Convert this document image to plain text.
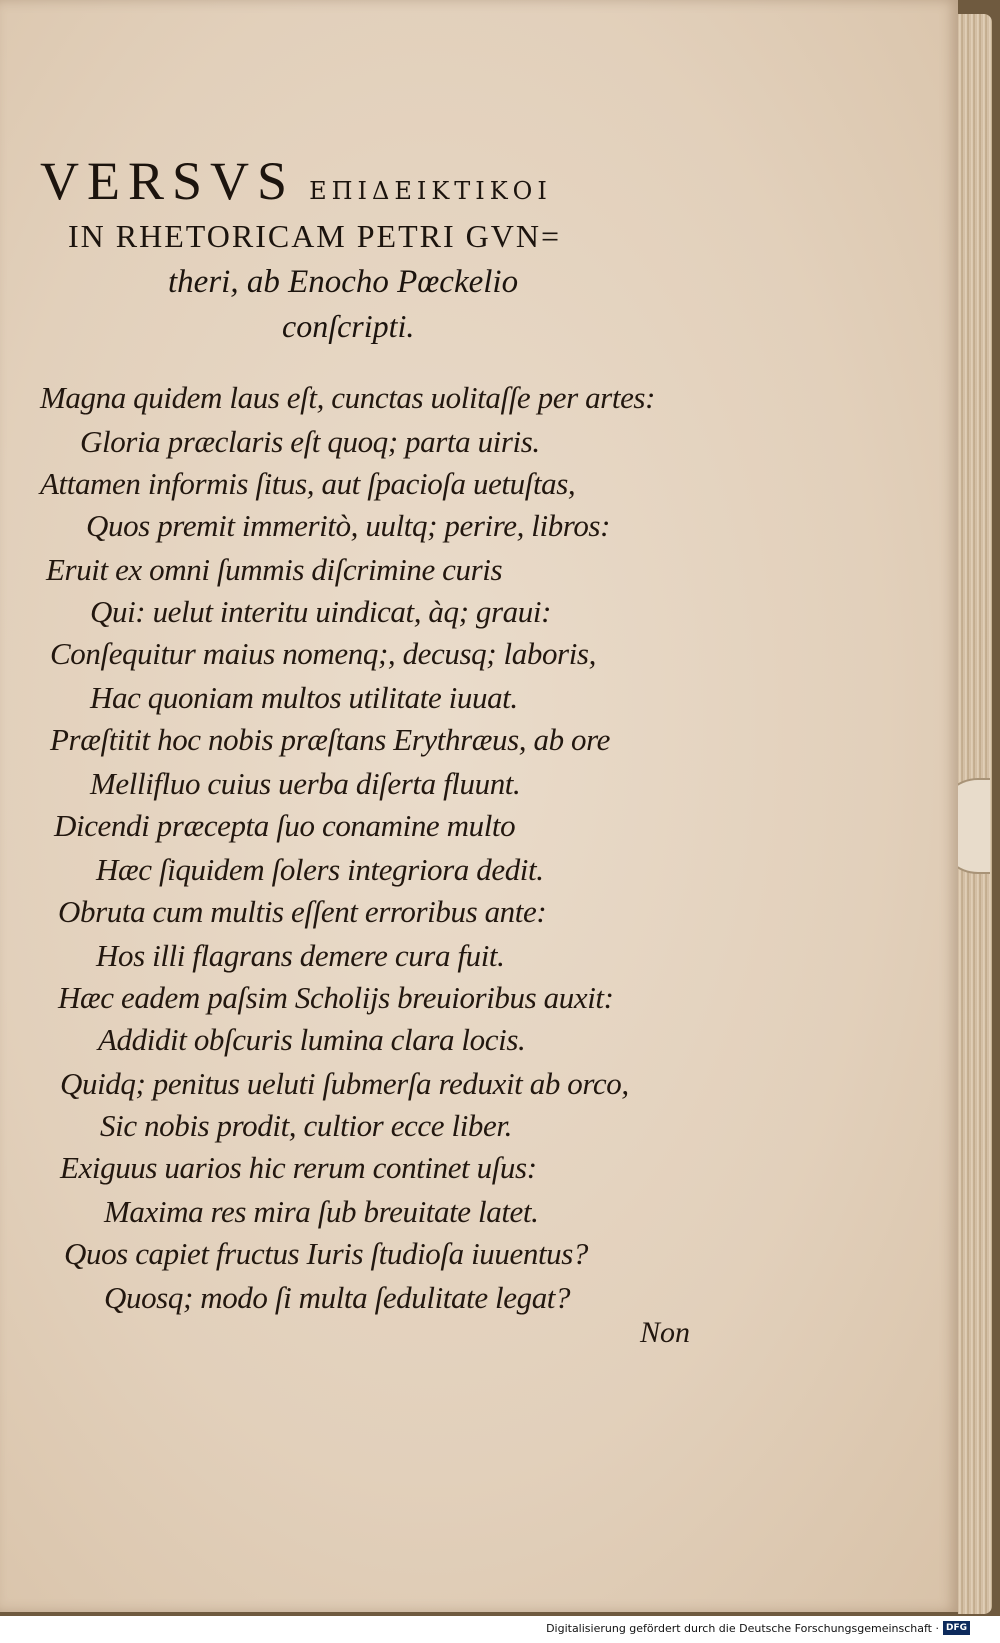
VERSVS ΕΠΙΔΕΙΚΤΙΚΟΙ
IN RHETORICAM PETRI GVN=
theri, ab Enocho Pœckelio
conſcripti.
Magna quidem laus eſt, cunctas uolitaſſe per artes:
Gloria præclaris eſt quoq; parta uiris.
Attamen informis ſitus, aut ſpacioſa uetuſtas,
Quos premit immeritò, uultq; perire, libros:
Eruit ex omni ſummis diſcrimine curis
Qui: uelut interitu uindicat, àq; graui:
Conſequitur maius nomenq;, decusq; laboris,
Hac quoniam multos utilitate iuuat.
Præſtitit hoc nobis præſtans Erythræus, ab ore
Mellifluo cuius uerba diſerta fluunt.
Dicendi præcepta ſuo conamine multo
Hæc ſiquidem ſolers integriora dedit.
Obruta cum multis eſſent erroribus ante:
Hos illi flagrans demere cura fuit.
Hæc eadem paſsim Scholijs breuioribus auxit:
Addidit obſcuris lumina clara locis.
Quidq; penitus ueluti ſubmerſa reduxit ab orco,
Sic nobis prodit, cultior ecce liber.
Exiguus uarios hic rerum continet uſus:
Maxima res mira ſub breuitate latet.
Quos capiet fructus Iuris ſtudioſa iuuentus?
Quosq; modo ſi multa ſedulitate legat?
Non
Digitalisierung gefördert durch die Deutsche Forschungsgemeinschaft · DFG
